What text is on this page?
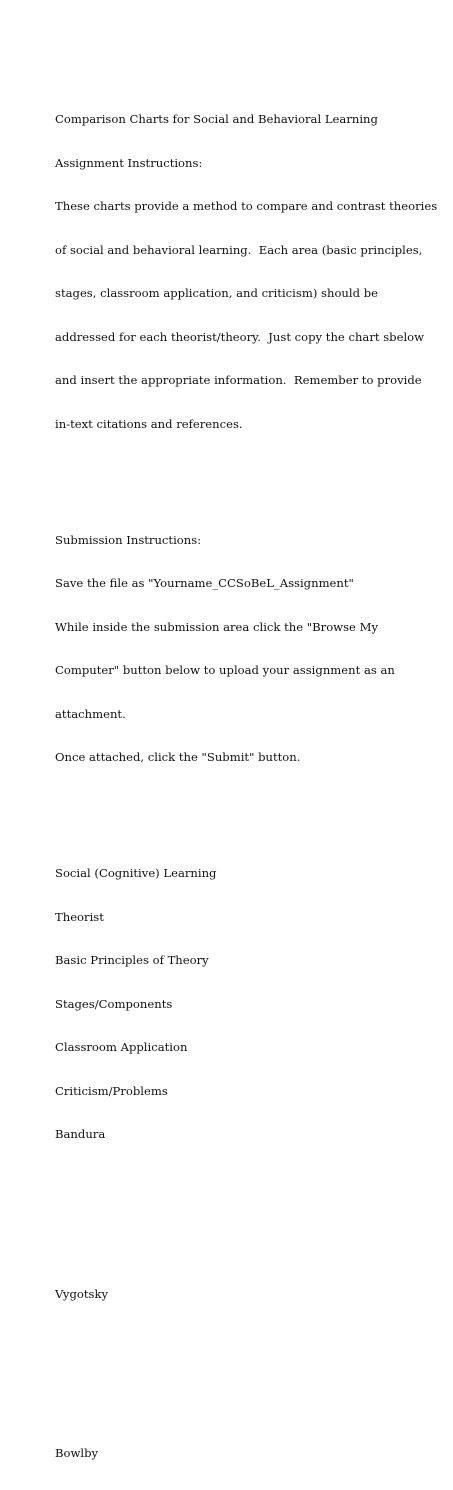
Comparison Charts for Social and Behavioral Learning

Assignment Instructions:

These charts provide a method to compare and contrast theories

of social and behavioral learning.  Each area (basic principles,

stages, classroom application, and criticism) should be

addressed for each theorist/theory.  Just copy the chart sbelow

and insert the appropriate information.  Remember to provide

in-text citations and references.

Submission Instructions:

Save the file as "Yourname_CCSoBeL_Assignment"

While inside the submission area click the "Browse My

Computer" button below to upload your assignment as an

attachment.

Once attached, click the "Submit" button.

Social (Cognitive) Learning

Theorist

Basic Principles of Theory

Stages/Components

Classroom Application

Criticism/Problems

Bandura

Vygotsky

Bowlby
